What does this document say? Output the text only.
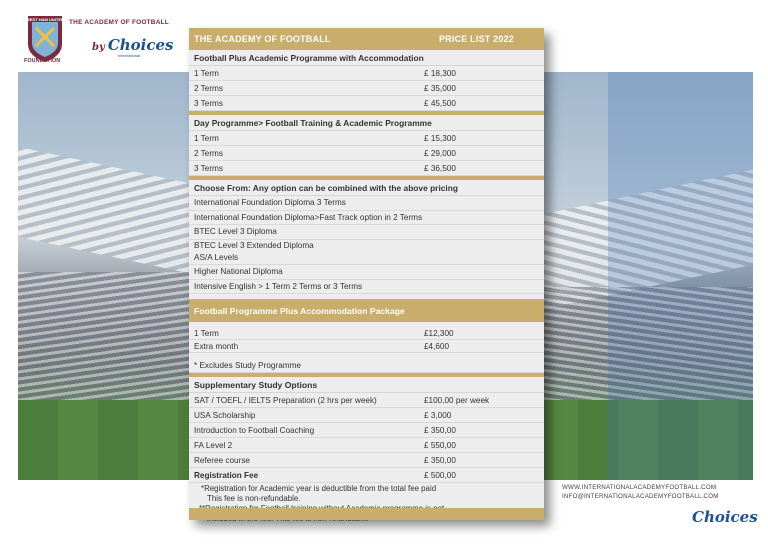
WEST HAM UNITED
FOUNDATION
THE ACADEMY OF FOOTBALL
by Choices
International
THE ACADEMY OF FOOTBALL	PRICE LIST 2022
Football Plus Academic Programme with Accommodation
1 Term	£ 18,300
2 Terms	£ 35,000
3 Terms	£ 45,500
Day Programme> Football Training & Academic Programme
1 Term	£ 15,300
2 Terms	£ 29,000
3 Terms	£ 36,500
Choose From: Any option can be combined with the above pricing
International Foundation Diploma 3 Terms
International Foundation Diploma>Fast Track option in 2 Terms
BTEC Level 3 Diploma
BTEC Level 3 Extended Diploma
AS/A Levels
Higher National Diploma
Intensive English > 1 Term 2 Terms or 3 Terms
Football Programme Plus Accommodation Package
1 Term	£12,300
Extra month	£4,600
* Excludes Study Programme
Supplementary Study Options
SAT / TOEFL / IELTS Preparation (2 hrs per week)	£100,00 per week
USA Scholarship	£ 3,000
Introduction to Football Coaching	£ 350,00
FA Level 2	£ 550,00
Referee course	£ 350,00
Registration Fee	£ 500,00
*Registration for Academic year is deductible from the total fee paid
This fee is non-refundable.
WWW.INTERNATIONALACADEMYFOOTBALL.COM
INFO@INTERNATIONALACADEMYFOOTBALL.COM
Choices
